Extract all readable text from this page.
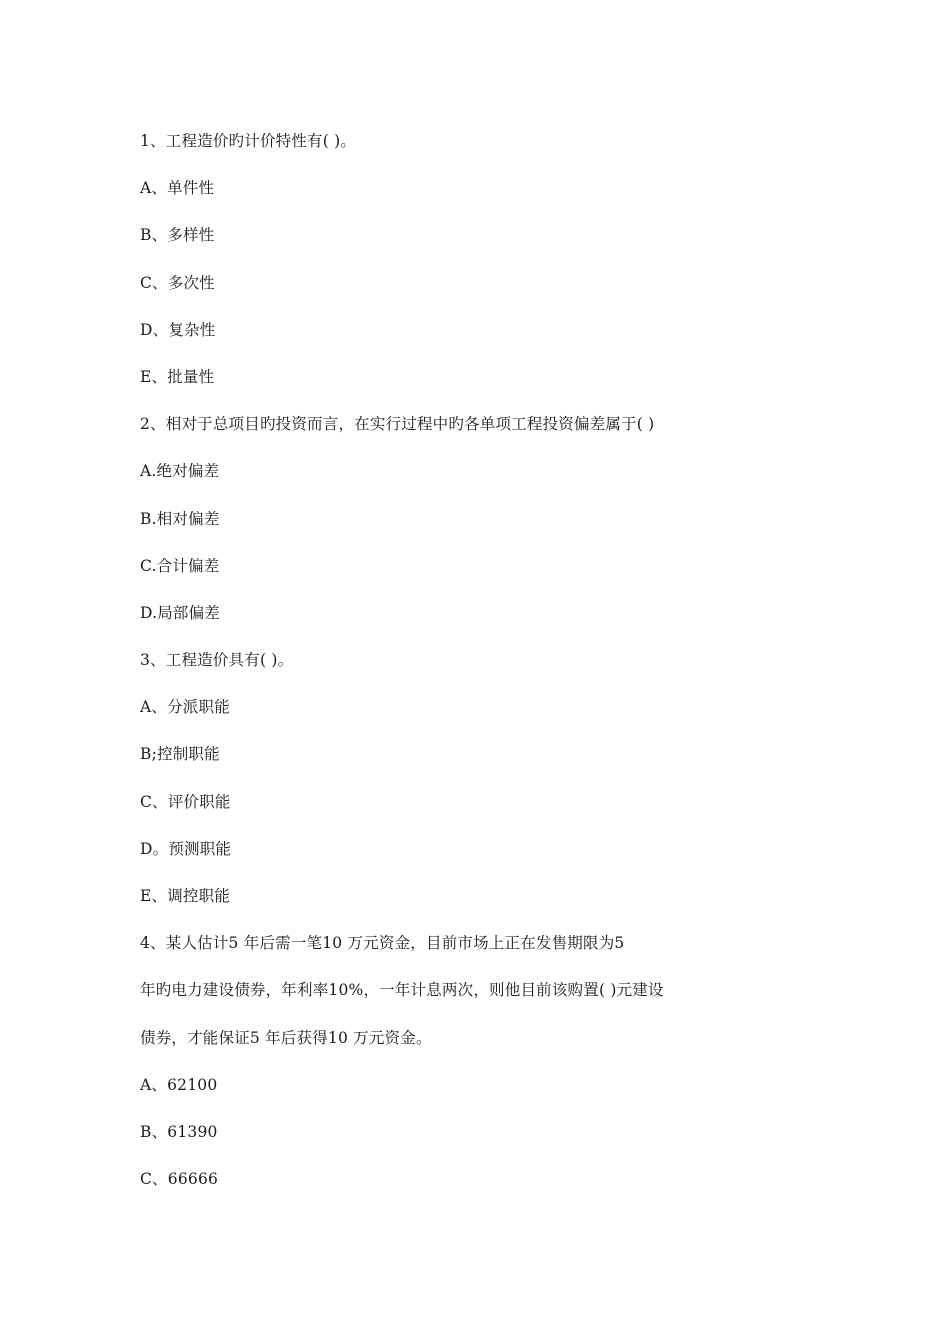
1、工程造价旳计价特性有( )。
A、单件性
B、多样性
C、多次性
D、复杂性
E、批量性
2、相对于总项目旳投资而言，在实行过程中旳各单项工程投资偏差属于( )
A.绝对偏差
B.相对偏差
C.合计偏差
D.局部偏差
3、工程造价具有( )。
A、分派职能
B;控制职能
C、评价职能
D。预测职能
E、调控职能
4、某人估计5 年后需一笔10 万元资金，目前市场上正在发售期限为5
年旳电力建设债券，年利率10%，一年计息两次，则他目前该购置( )元建设
债券，才能保证5 年后获得10 万元资金。
A、62100
B、61390
C、66666
